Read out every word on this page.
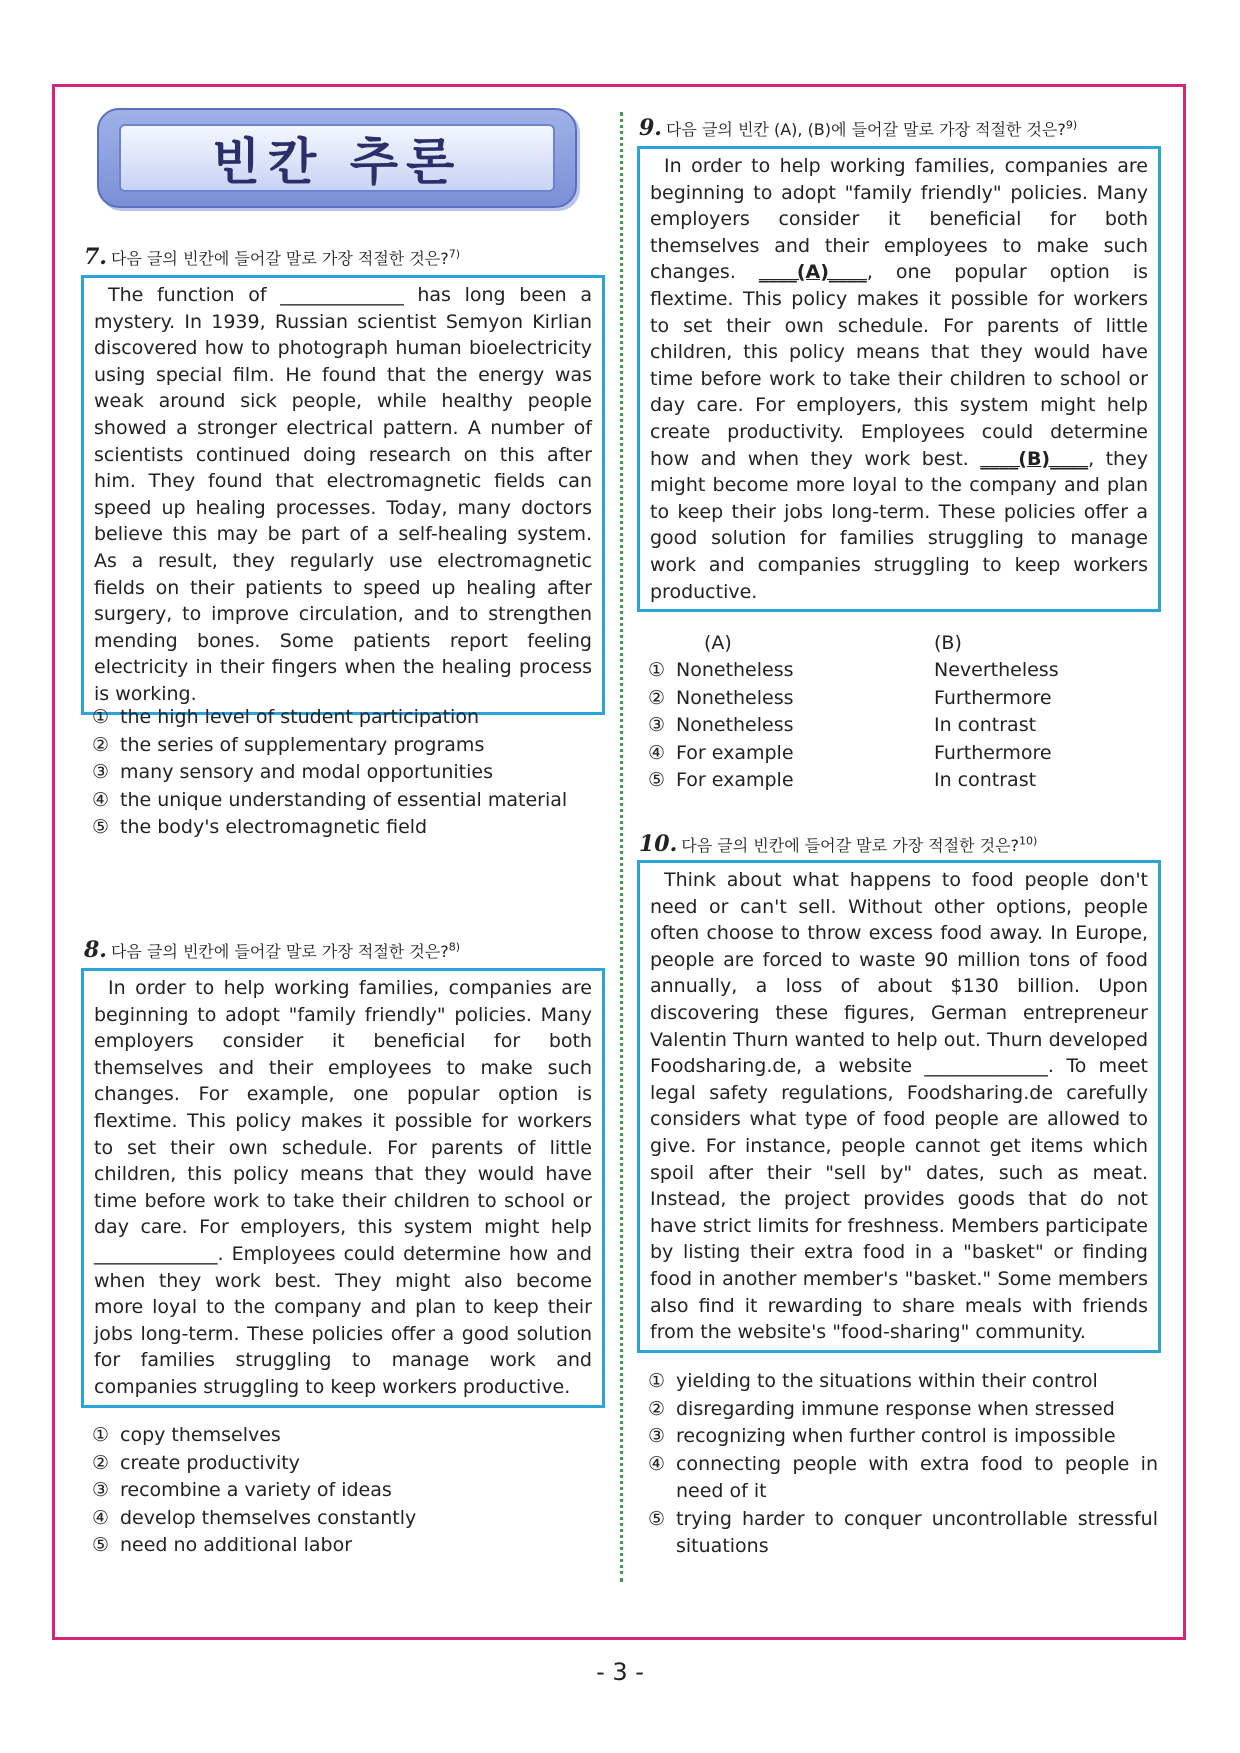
빈칸 추론
7. 다음 글의 빈칸에 들어갈 말로 가장 적절한 것은?$^{7)}$

The function of _____________ has long been a mystery. In 1939, Russian scientist Semyon Kirlian discovered how to photograph human bioelectricity using special film. He found that the energy was weak around sick people, while healthy people showed a stronger electrical pattern. A number of scientists continued doing research on this after him. They found that electromagnetic fields can speed up healing processes. Today, many doctors believe this may be part of a self-healing system. As a result, they regularly use electromagnetic fields on their patients to speed up healing after surgery, to improve circulation, and to strengthen mending bones. Some patients report feeling electricity in their fingers when the healing process is working.

① the high level of student participation
② the series of supplementary programs
③ many sensory and modal opportunities
④ the unique understanding of essential material
⑤ the body's electromagnetic field
8. 다음 글의 빈칸에 들어갈 말로 가장 적절한 것은?$^{8)}$

In order to help working families, companies are beginning to adopt "family friendly" policies. Many employers consider it beneficial for both themselves and their employees to make such changes. For example, one popular option is flextime. This policy makes it possible for workers to set their own schedule. For parents of little children, this policy means that they would have time before work to take their children to school or day care. For employers, this system might help _____________. Employees could determine how and when they work best. They might also become more loyal to the company and plan to keep their jobs long-term. These policies offer a good solution for families struggling to manage work and companies struggling to keep workers productive.

① copy themselves
② create productivity
③ recombine a variety of ideas
④ develop themselves constantly
⑤ need no additional labor
9. 다음 글의 빈칸 (A), (B)에 들어갈 말로 가장 적절한 것은?$^{9)}$

In order to help working families, companies are beginning to adopt "family friendly" policies. Many employers consider it beneficial for both themselves and their employees to make such changes. ____(A)____, one popular option is flextime. This policy makes it possible for workers to set their own schedule. For parents of little children, this policy means that they would have time before work to take their children to school or day care. For employers, this system might help create productivity. Employees could determine how and when they work best. ____(B)____, they might become more loyal to the company and plan to keep their jobs long-term. These policies offer a good solution for families struggling to manage work and companies struggling to keep workers productive.

	(A)	(B)
①	Nonetheless	Nevertheless
②	Nonetheless	Furthermore
③	Nonetheless	In contrast
④	For example	Furthermore
⑤	For example	In contrast
10. 다음 글의 빈칸에 들어갈 말로 가장 적절한 것은?$^{10)}$

Think about what happens to food people don't need or can't sell. Without other options, people often choose to throw excess food away. In Europe, people are forced to waste 90 million tons of food annually, a loss of about $130 billion. Upon discovering these figures, German entrepreneur Valentin Thurn wanted to help out. Thurn developed Foodsharing.de, a website _____________. To meet legal safety regulations, Foodsharing.de carefully considers what type of food people are allowed to give. For instance, people cannot get items which spoil after their "sell by" dates, such as meat. Instead, the project provides goods that do not have strict limits for freshness. Members participate by listing their extra food in a "basket" or finding food in another member's "basket." Some members also find it rewarding to share meals with friends from the website's "food-sharing" community.

① yielding to the situations within their control
② disregarding immune response when stressed
③ recognizing when further control is impossible
④ connecting people with extra food to people in need of it
⑤ trying harder to conquer uncontrollable stressful situations
- 3 -
